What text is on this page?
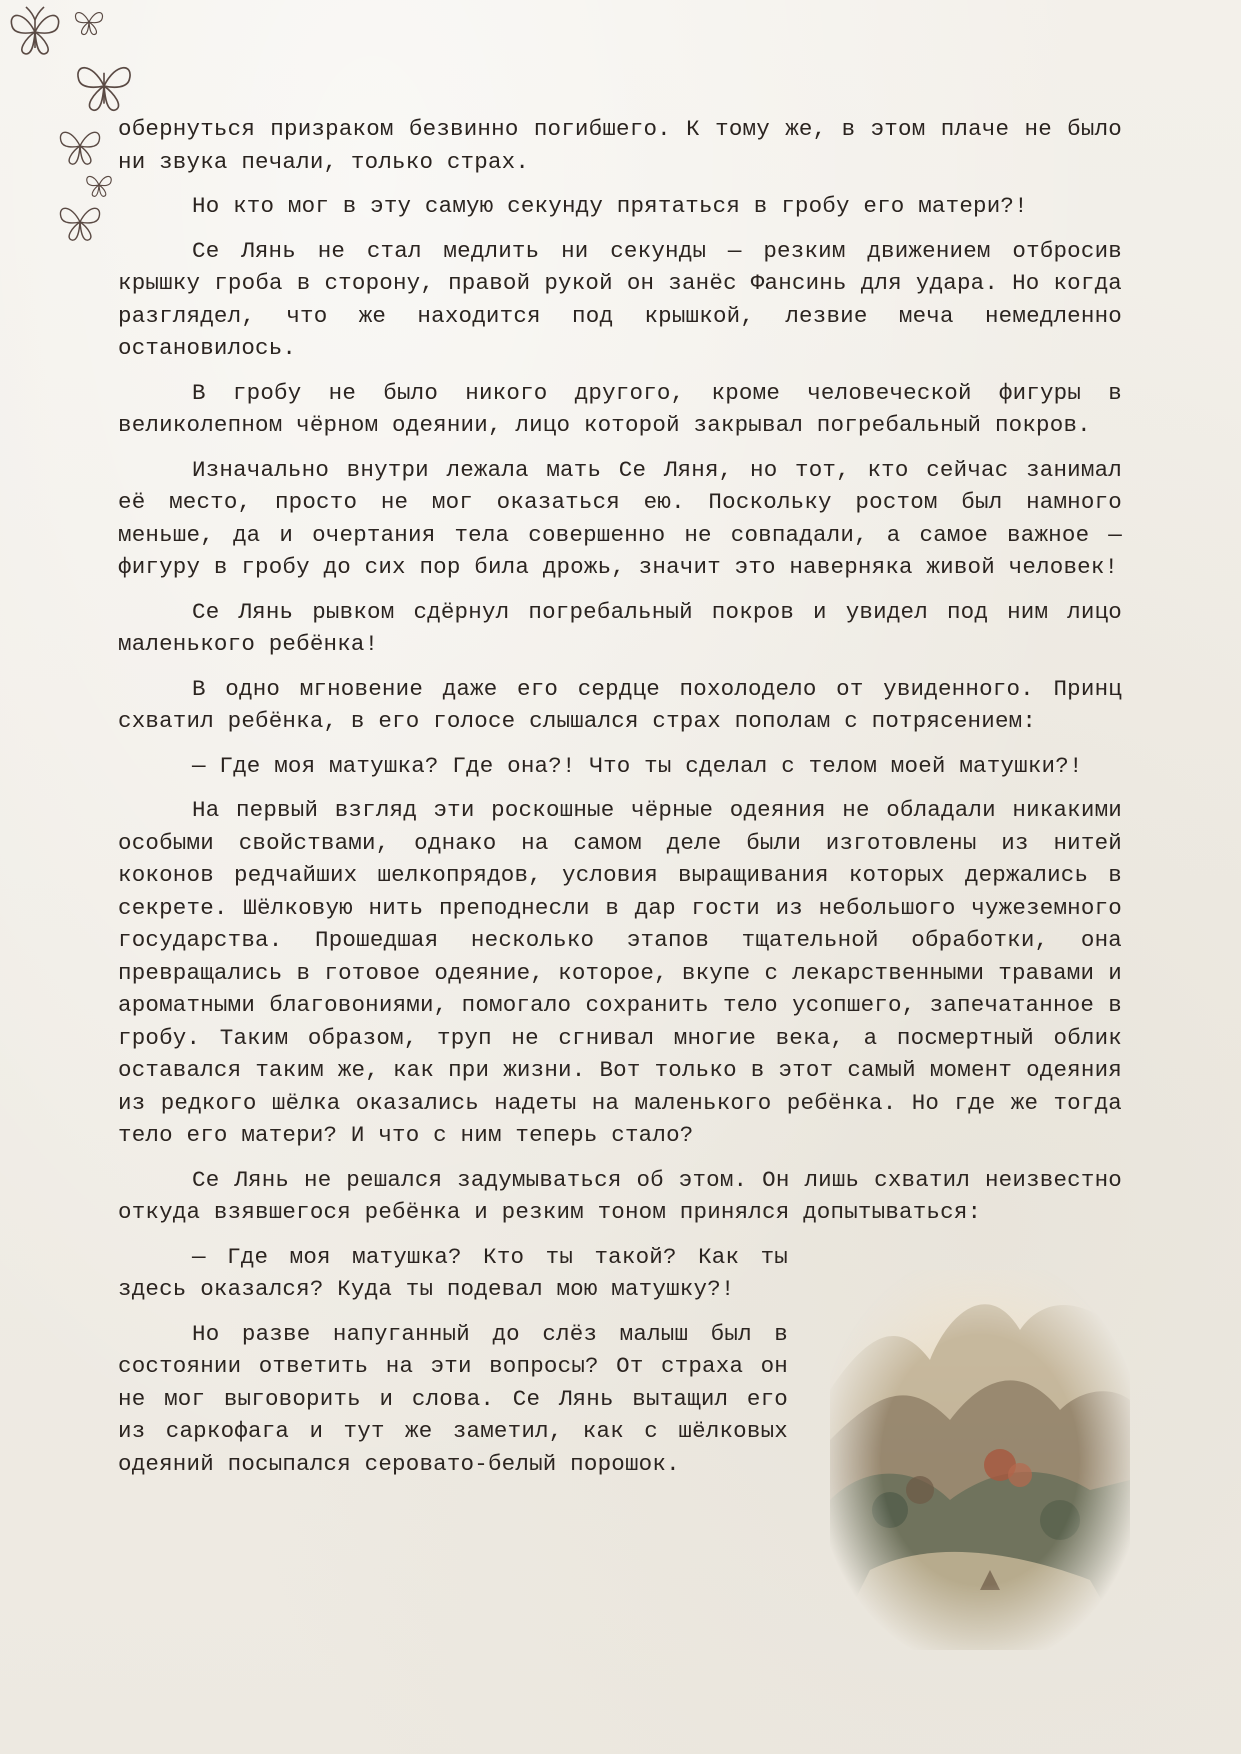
обернуться призраком безвинно погибшего. К тому же, в этом плаче не было ни звука печали, только страх.

Но кто мог в эту самую секунду прятаться в гробу его матери?!

Се Лянь не стал медлить ни секунды — резким движением отбросив крышку гроба в сторону, правой рукой он занёс Фансинь для удара. Но когда разглядел, что же находится под крышкой, лезвие меча немедленно остановилось.

В гробу не было никого другого, кроме человеческой фигуры в великолепном чёрном одеянии, лицо которой закрывал погребальный покров.

Изначально внутри лежала мать Се Ляня, но тот, кто сейчас занимал её место, просто не мог оказаться ею. Поскольку ростом был намного меньше, да и очертания тела совершенно не совпадали, а самое важное — фигуру в гробу до сих пор била дрожь, значит это наверняка живой человек!

Се Лянь рывком сдёрнул погребальный покров и увидел под ним лицо маленького ребёнка!

В одно мгновение даже его сердце похолодело от увиденного. Принц схватил ребёнка, в его голосе слышался страх пополам с потрясением:

— Где моя матушка? Где она?! Что ты сделал с телом моей матушки?!

На первый взгляд эти роскошные чёрные одеяния не обладали никакими особыми свойствами, однако на самом деле были изготовлены из нитей коконов редчайших шелкопрядов, условия выращивания которых держались в секрете. Шёлковую нить преподнесли в дар гости из небольшого чужеземного государства. Прошедшая несколько этапов тщательной обработки, она превращались в готовое одеяние, которое, вкупе с лекарственными травами и ароматными благовониями, помогало сохранить тело усопшего, запечатанное в гробу. Таким образом, труп не сгнивал многие века, а посмертный облик оставался таким же, как при жизни. Вот только в этот самый момент одеяния из редкого шёлка оказались надеты на маленького ребёнка. Но где же тогда тело его матери? И что с ним теперь стало?

Се Лянь не решался задумываться об этом. Он лишь схватил неизвестно откуда взявшегося ребёнка и резким тоном принялся допытываться:

— Где моя матушка? Кто ты такой? Как ты здесь оказался? Куда ты подевал мою матушку?!

Но разве напуганный до слёз малыш был в состоянии ответить на эти вопросы? От страха он не мог выговорить и слова. Се Лянь вытащил его из саркофага и тут же заметил, как с шёлковых одеяний посыпался серовато-белый порошок.
